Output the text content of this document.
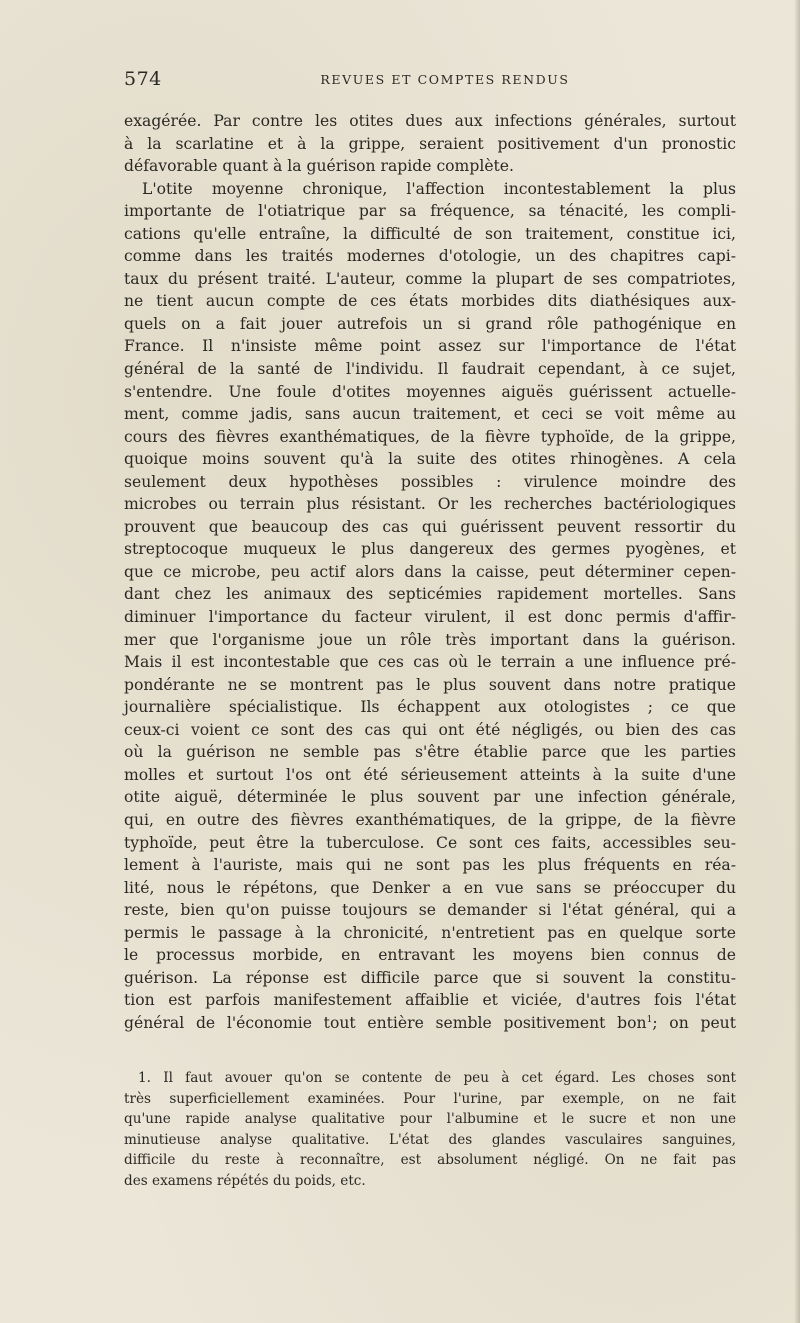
574	REVUES ET COMPTES RENDUS
exagérée. Par contre les otites dues aux infections générales, surtout
à la scarlatine et à la grippe, seraient positivement d'un pronostic
défavorable quant à la guérison rapide complète.
L'otite moyenne chronique, l'affection incontestablement la plus
importante de l'otiatrique par sa fréquence, sa ténacité, les compli-
cations qu'elle entraîne, la difficulté de son traitement, constitue ici,
comme dans les traités modernes d'otologie, un des chapitres capi-
taux du présent traité. L'auteur, comme la plupart de ses compatriotes,
ne tient aucun compte de ces états morbides dits diathésiques aux-
quels on a fait jouer autrefois un si grand rôle pathogénique en
France. Il n'insiste même point assez sur l'importance de l'état
général de la santé de l'individu. Il faudrait cependant, à ce sujet,
s'entendre. Une foule d'otites moyennes aiguës guérissent actuelle-
ment, comme jadis, sans aucun traitement, et ceci se voit même au
cours des fièvres exanthématiques, de la fièvre typhoïde, de la grippe,
quoique moins souvent qu'à la suite des otites rhinogènes. A cela
seulement deux hypothèses possibles : virulence moindre des
microbes ou terrain plus résistant. Or les recherches bactériologiques
prouvent que beaucoup des cas qui guérissent peuvent ressortir du
streptocoque muqueux le plus dangereux des germes pyogènes, et
que ce microbe, peu actif alors dans la caisse, peut déterminer cepen-
dant chez les animaux des septicémies rapidement mortelles. Sans
diminuer l'importance du facteur virulent, il est donc permis d'affir-
mer que l'organisme joue un rôle très important dans la guérison.
Mais il est incontestable que ces cas où le terrain a une influence pré-
pondérante ne se montrent pas le plus souvent dans notre pratique
journalière spécialistique. Ils échappent aux otologistes ; ce que
ceux-ci voient ce sont des cas qui ont été négligés, ou bien des cas
où la guérison ne semble pas s'être établie parce que les parties
molles et surtout l'os ont été sérieusement atteints à la suite d'une
otite aiguë, déterminée le plus souvent par une infection générale,
qui, en outre des fièvres exanthématiques, de la grippe, de la fièvre
typhoïde, peut être la tuberculose. Ce sont ces faits, accessibles seu-
lement à l'auriste, mais qui ne sont pas les plus fréquents en réa-
lité, nous le répétons, que Denker a en vue sans se préoccuper du
reste, bien qu'on puisse toujours se demander si l'état général, qui a
permis le passage à la chronicité, n'entretient pas en quelque sorte
le processus morbide, en entravant les moyens bien connus de
guérison. La réponse est difficile parce que si souvent la constitu-
tion est parfois manifestement affaiblie et viciée, d'autres fois l'état
général de l'économie tout entière semble positivement bon$^1$; on peut
1. Il faut avouer qu'on se contente de peu à cet égard. Les choses sont
très superficiellement examinées. Pour l'urine, par exemple, on ne fait
qu'une rapide analyse qualitative pour l'albumine et le sucre et non une
minutieuse analyse qualitative. L'état des glandes vasculaires sanguines,
difficile du reste à reconnaître, est absolument négligé. On ne fait pas
des examens répétés du poids, etc.
